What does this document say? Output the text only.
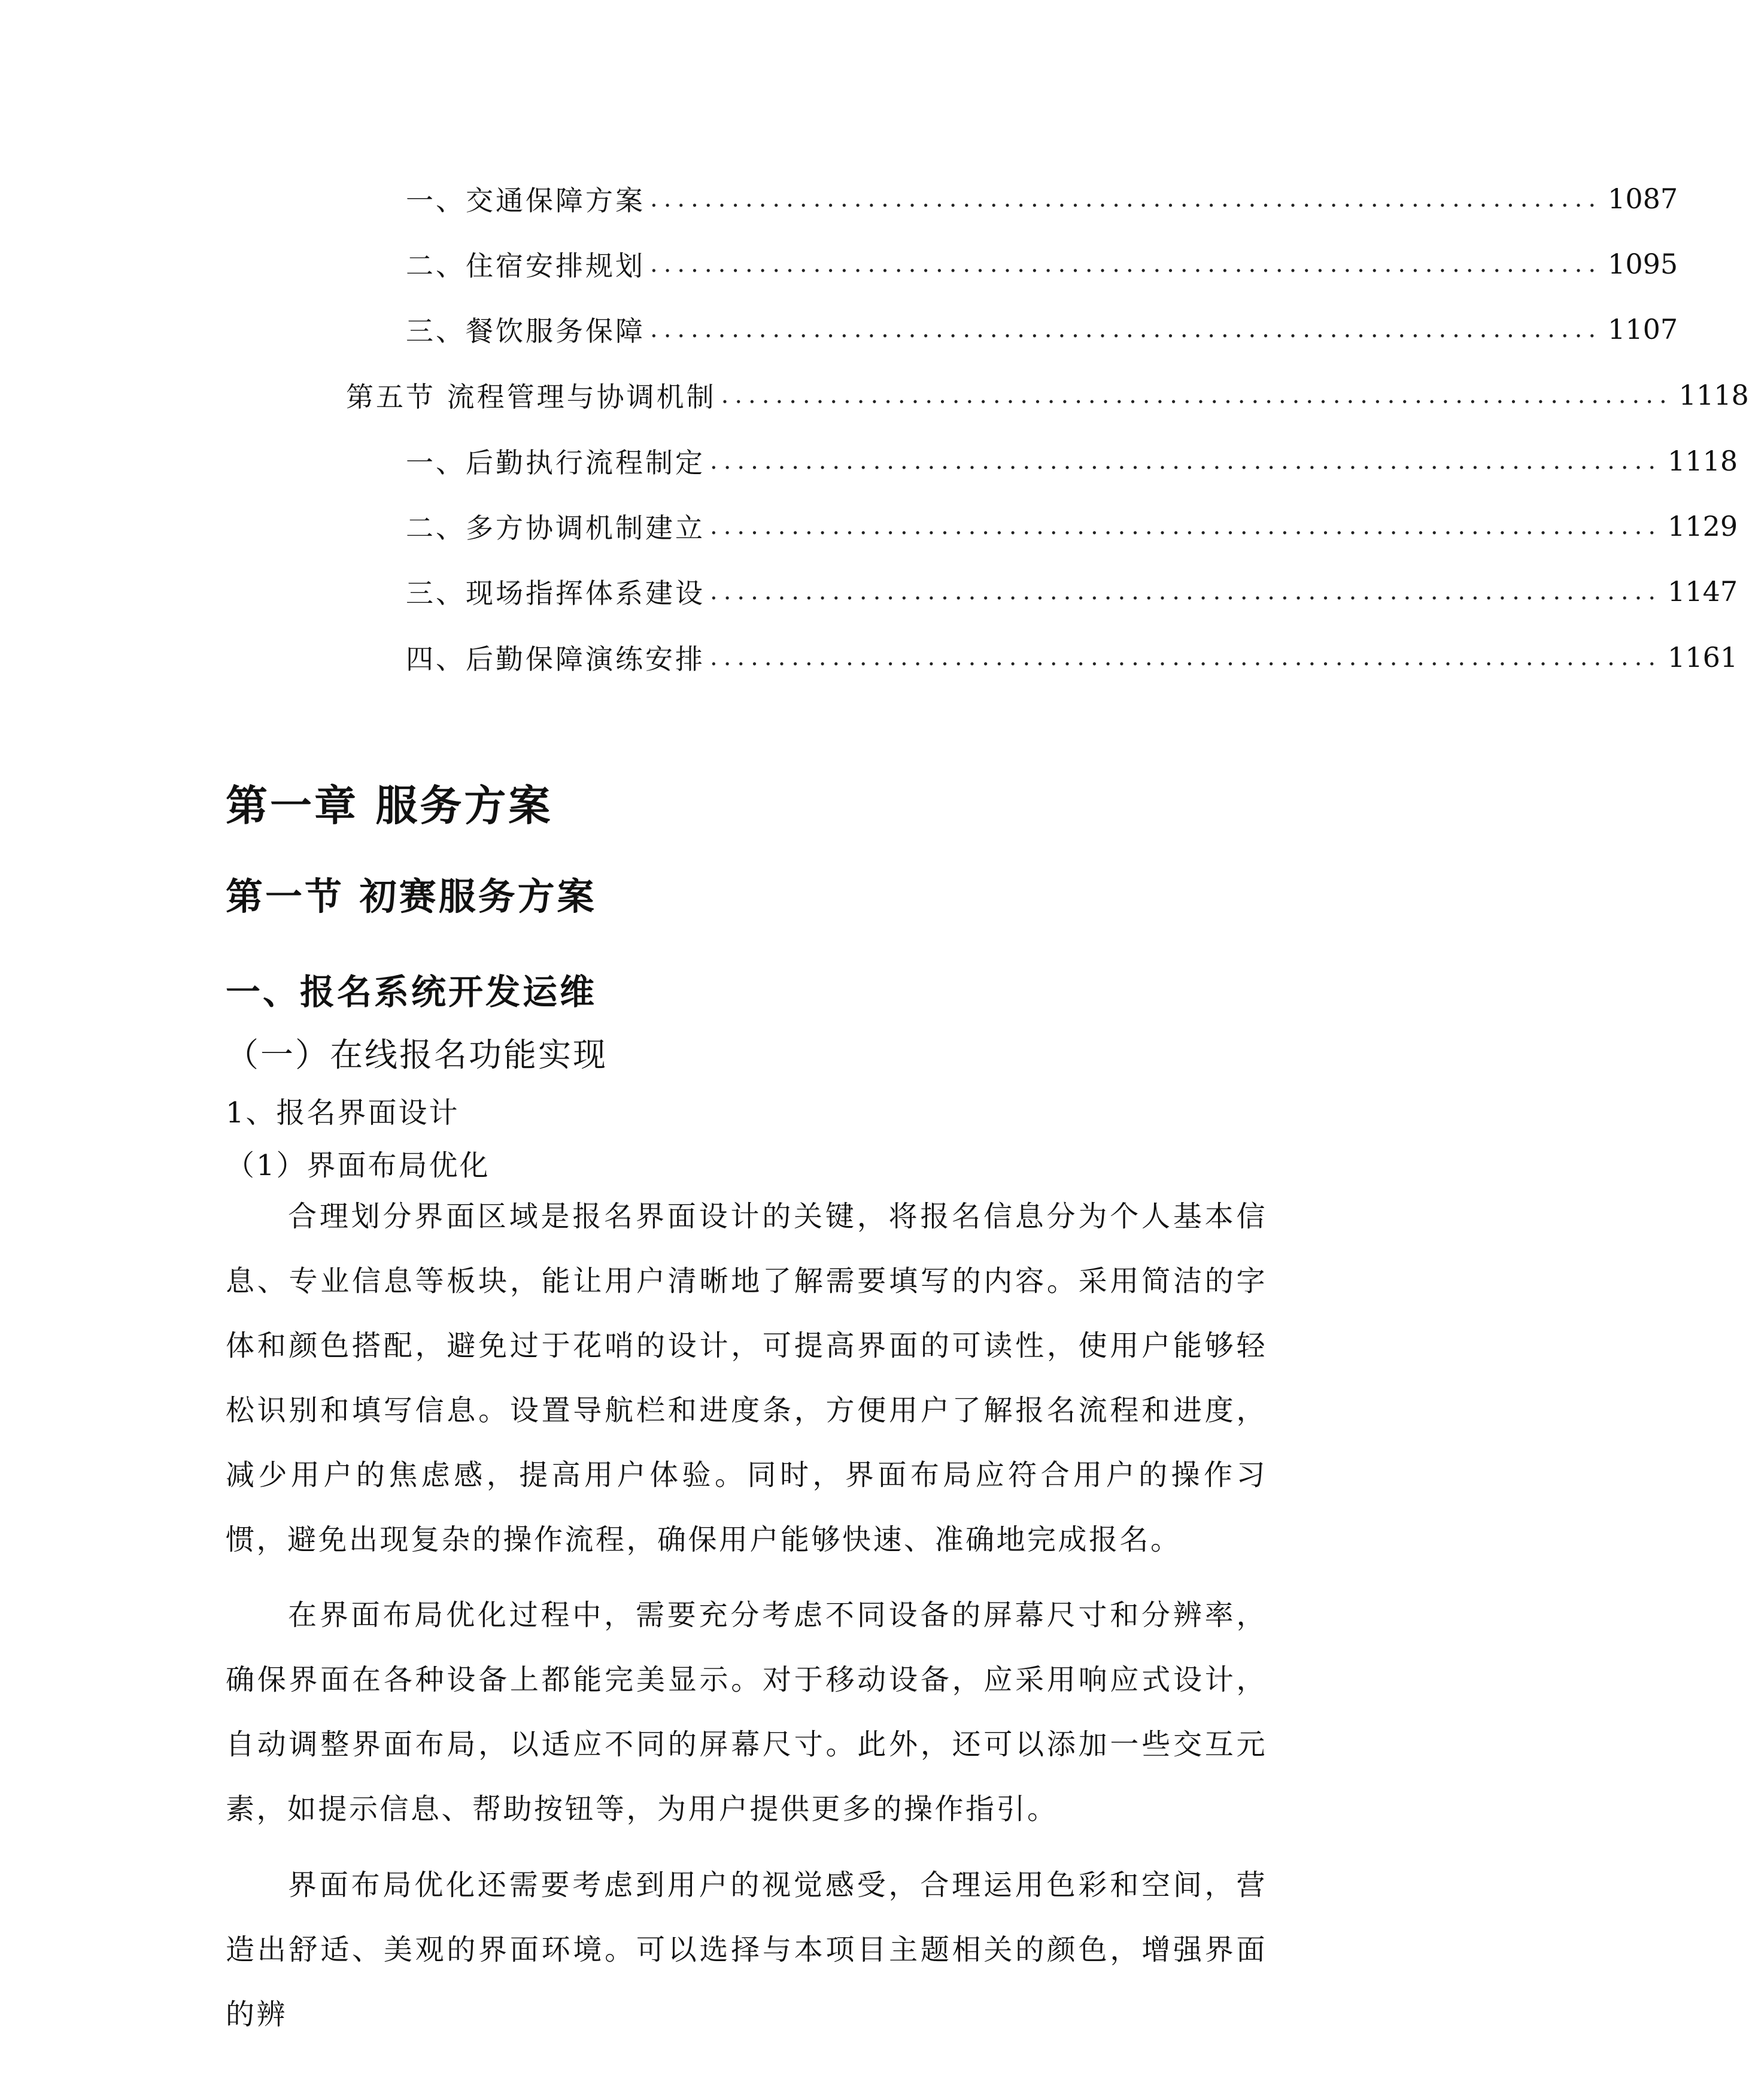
一、 交通保障方案 ...................................................................... 1087
二、 住宿安排规划 ...................................................................... 1095
三、 餐饮服务保障 ...................................................................... 1107
第五节 流程管理与协调机制 ...................................................................... 1118
一、 后勤执行流程制定 ...................................................................... 1118
二、 多方协调机制建立 ...................................................................... 1129
三、 现场指挥体系建设 ...................................................................... 1147
四、 后勤保障演练安排 ...................................................................... 1161
第一章 服务方案
第一节 初赛服务方案
一、报名系统开发运维
（一）在线报名功能实现
1、报名界面设计
（1）界面布局优化

合理划分界面区域是报名界面设计的关键，将报名信息分为个人基本信息、专业信息等板块，能让用户清晰地了解需要填写的内容。采用简洁的字体和颜色搭配，避免过于花哨的设计，可提高界面的可读性，使用户能够轻松识别和填写信息。设置导航栏和进度条，方便用户了解报名流程和进度，减少用户的焦虑感，提高用户体验。同时，界面布局应符合用户的操作习惯，避免出现复杂的操作流程，确保用户能够快速、准确地完成报名。

在界面布局优化过程中，需要充分考虑不同设备的屏幕尺寸和分辨率，确保界面在各种设备上都能完美显示。对于移动设备，应采用响应式设计，自动调整界面布局，以适应不同的屏幕尺寸。此外，还可以添加一些交互元素，如提示信息、帮助按钮等，为用户提供更多的操作指引。

界面布局优化还需要考虑到用户的视觉感受，合理运用色彩和空间，营造出舒适、美观的界面环境。可以选择与本项目主题相关的颜色，增强界面的辨
